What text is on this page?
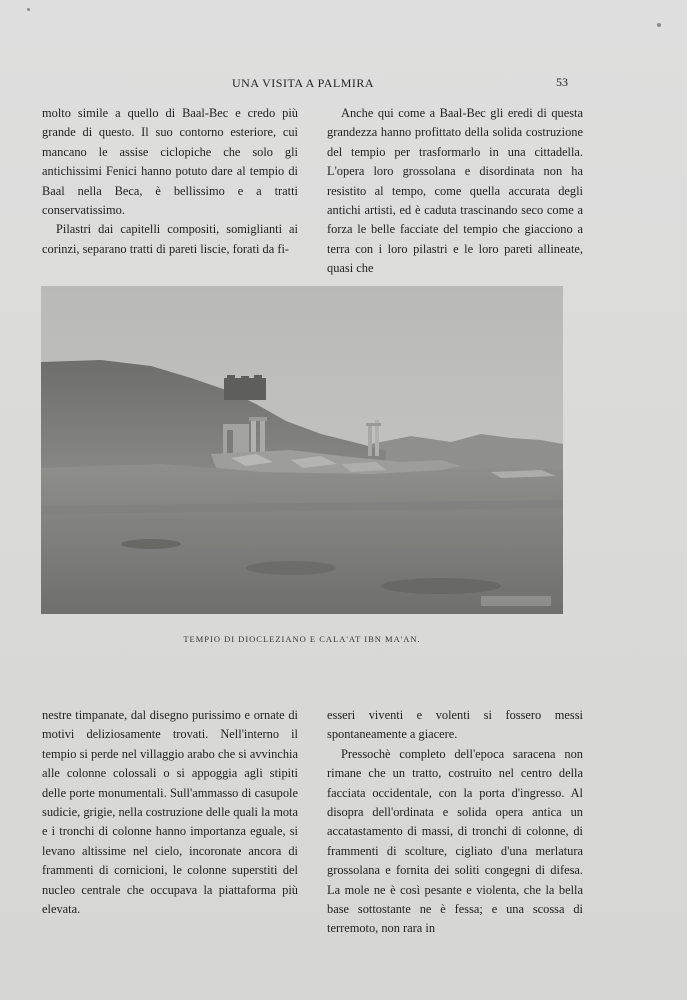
UNA VISITA A PALMIRA	53

molto simile a quello di Baal-Bec e credo più grande di questo. Il suo contorno esteriore, cui mancano le assise ciclopiche che solo gli antichissimi Fenici hanno potuto dare al tempio di Baal nella Beca, è bellissimo e a tratti conservatissimo.

Pilastri dai capitelli compositi, somiglianti ai corinzi, separano tratti di pareti liscie, forati da fi-

Anche qui come a Baal-Bec gli eredi di questa grandezza hanno profittato della solida costruzione del tempio per trasformarlo in una cittadella. L'opera loro grossolana e disordinata non ha resistito al tempo, come quella accurata degli antichi artisti, ed è caduta trascinando seco come a forza le belle facciate del tempio che giacciono a terra con i loro pilastri e le loro pareti allineate, quasi che

TEMPIO DI DIOCLEZIANO E CALA'AT IBN MA'AN.

nestre timpanate, dal disegno purissimo e ornate di motivi deliziosamente trovati. Nell'interno il tempio si perde nel villaggio arabo che si avvinchia alle colonne colossali o si appoggia agli stipiti delle porte monumentali. Sull'ammasso di casupole sudicie, grigie, nella costruzione delle quali la mota e i tronchi di colonne hanno importanza eguale, si levano altissime nel cielo, incoronate ancora di frammenti di cornicioni, le colonne superstiti del nucleo centrale che occupava la piattaforma più elevata.

esseri viventi e volenti si fossero messi spontaneamente a giacere.

Pressochè completo dell'epoca saracena non rimane che un tratto, costruito nel centro della facciata occidentale, con la porta d'ingresso. Al disopra dell'ordinata e solida opera antica un accatastamento di massi, di tronchi di colonne, di frammenti di scolture, cigliato d'una merlatura grossolana e fornita dei soliti congegni di difesa. La mole ne è così pesante e violenta, che la bella base sottostante ne è fessa; e una scossa di terremoto, non rara in
